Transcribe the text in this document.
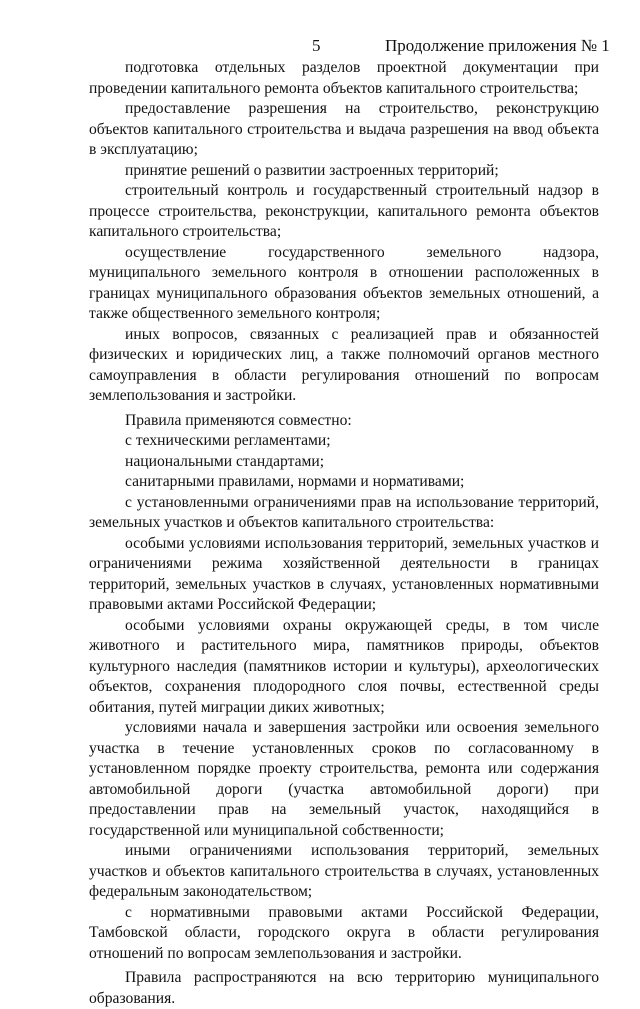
5	Продолжение приложения № 1

подготовка отдельных разделов проектной документации при проведении капитального ремонта объектов капитального строительства;

предоставление разрешения на строительство, реконструкцию объектов капитального строительства и выдача разрешения на ввод объекта в эксплуатацию;

принятие решений о развитии застроенных территорий;

строительный контроль и государственный строительный надзор в процессе строительства, реконструкции, капитального ремонта объектов капитального строительства;

осуществление государственного земельного надзора, муниципального земельного контроля в отношении расположенных в границах муниципального образования объектов земельных отношений, а также общественного земельного контроля;

иных вопросов, связанных с реализацией прав и обязанностей физических и юридических лиц, а также полномочий органов местного самоуправления в области регулирования отношений по вопросам землепользования и застройки.

Правила применяются совместно:

с техническими регламентами;

национальными стандартами;

санитарными правилами, нормами и нормативами;

с установленными ограничениями прав на использование территорий, земельных участков и объектов капитального строительства:

особыми условиями использования территорий, земельных участков и ограничениями режима хозяйственной деятельности в границах территорий, земельных участков в случаях, установленных нормативными правовыми актами Российской Федерации;

особыми условиями охраны окружающей среды, в том числе животного и растительного мира, памятников природы, объектов культурного наследия (памятников истории и культуры), археологических объектов, сохранения плодородного слоя почвы, естественной среды обитания, путей миграции диких животных;

условиями начала и завершения застройки или освоения земельного участка в течение установленных сроков по согласованному в установленном порядке проекту строительства, ремонта или содержания автомобильной дороги (участка автомобильной дороги) при предоставлении прав на земельный участок, находящийся в государственной или муниципальной собственности;

иными ограничениями использования территорий, земельных участков и объектов капитального строительства в случаях, установленных федеральным законодательством;

с нормативными правовыми актами Российской Федерации, Тамбовской области, городского округа в области регулирования отношений по вопросам землепользования и застройки.

Правила распространяются на всю территорию муниципального образования.
